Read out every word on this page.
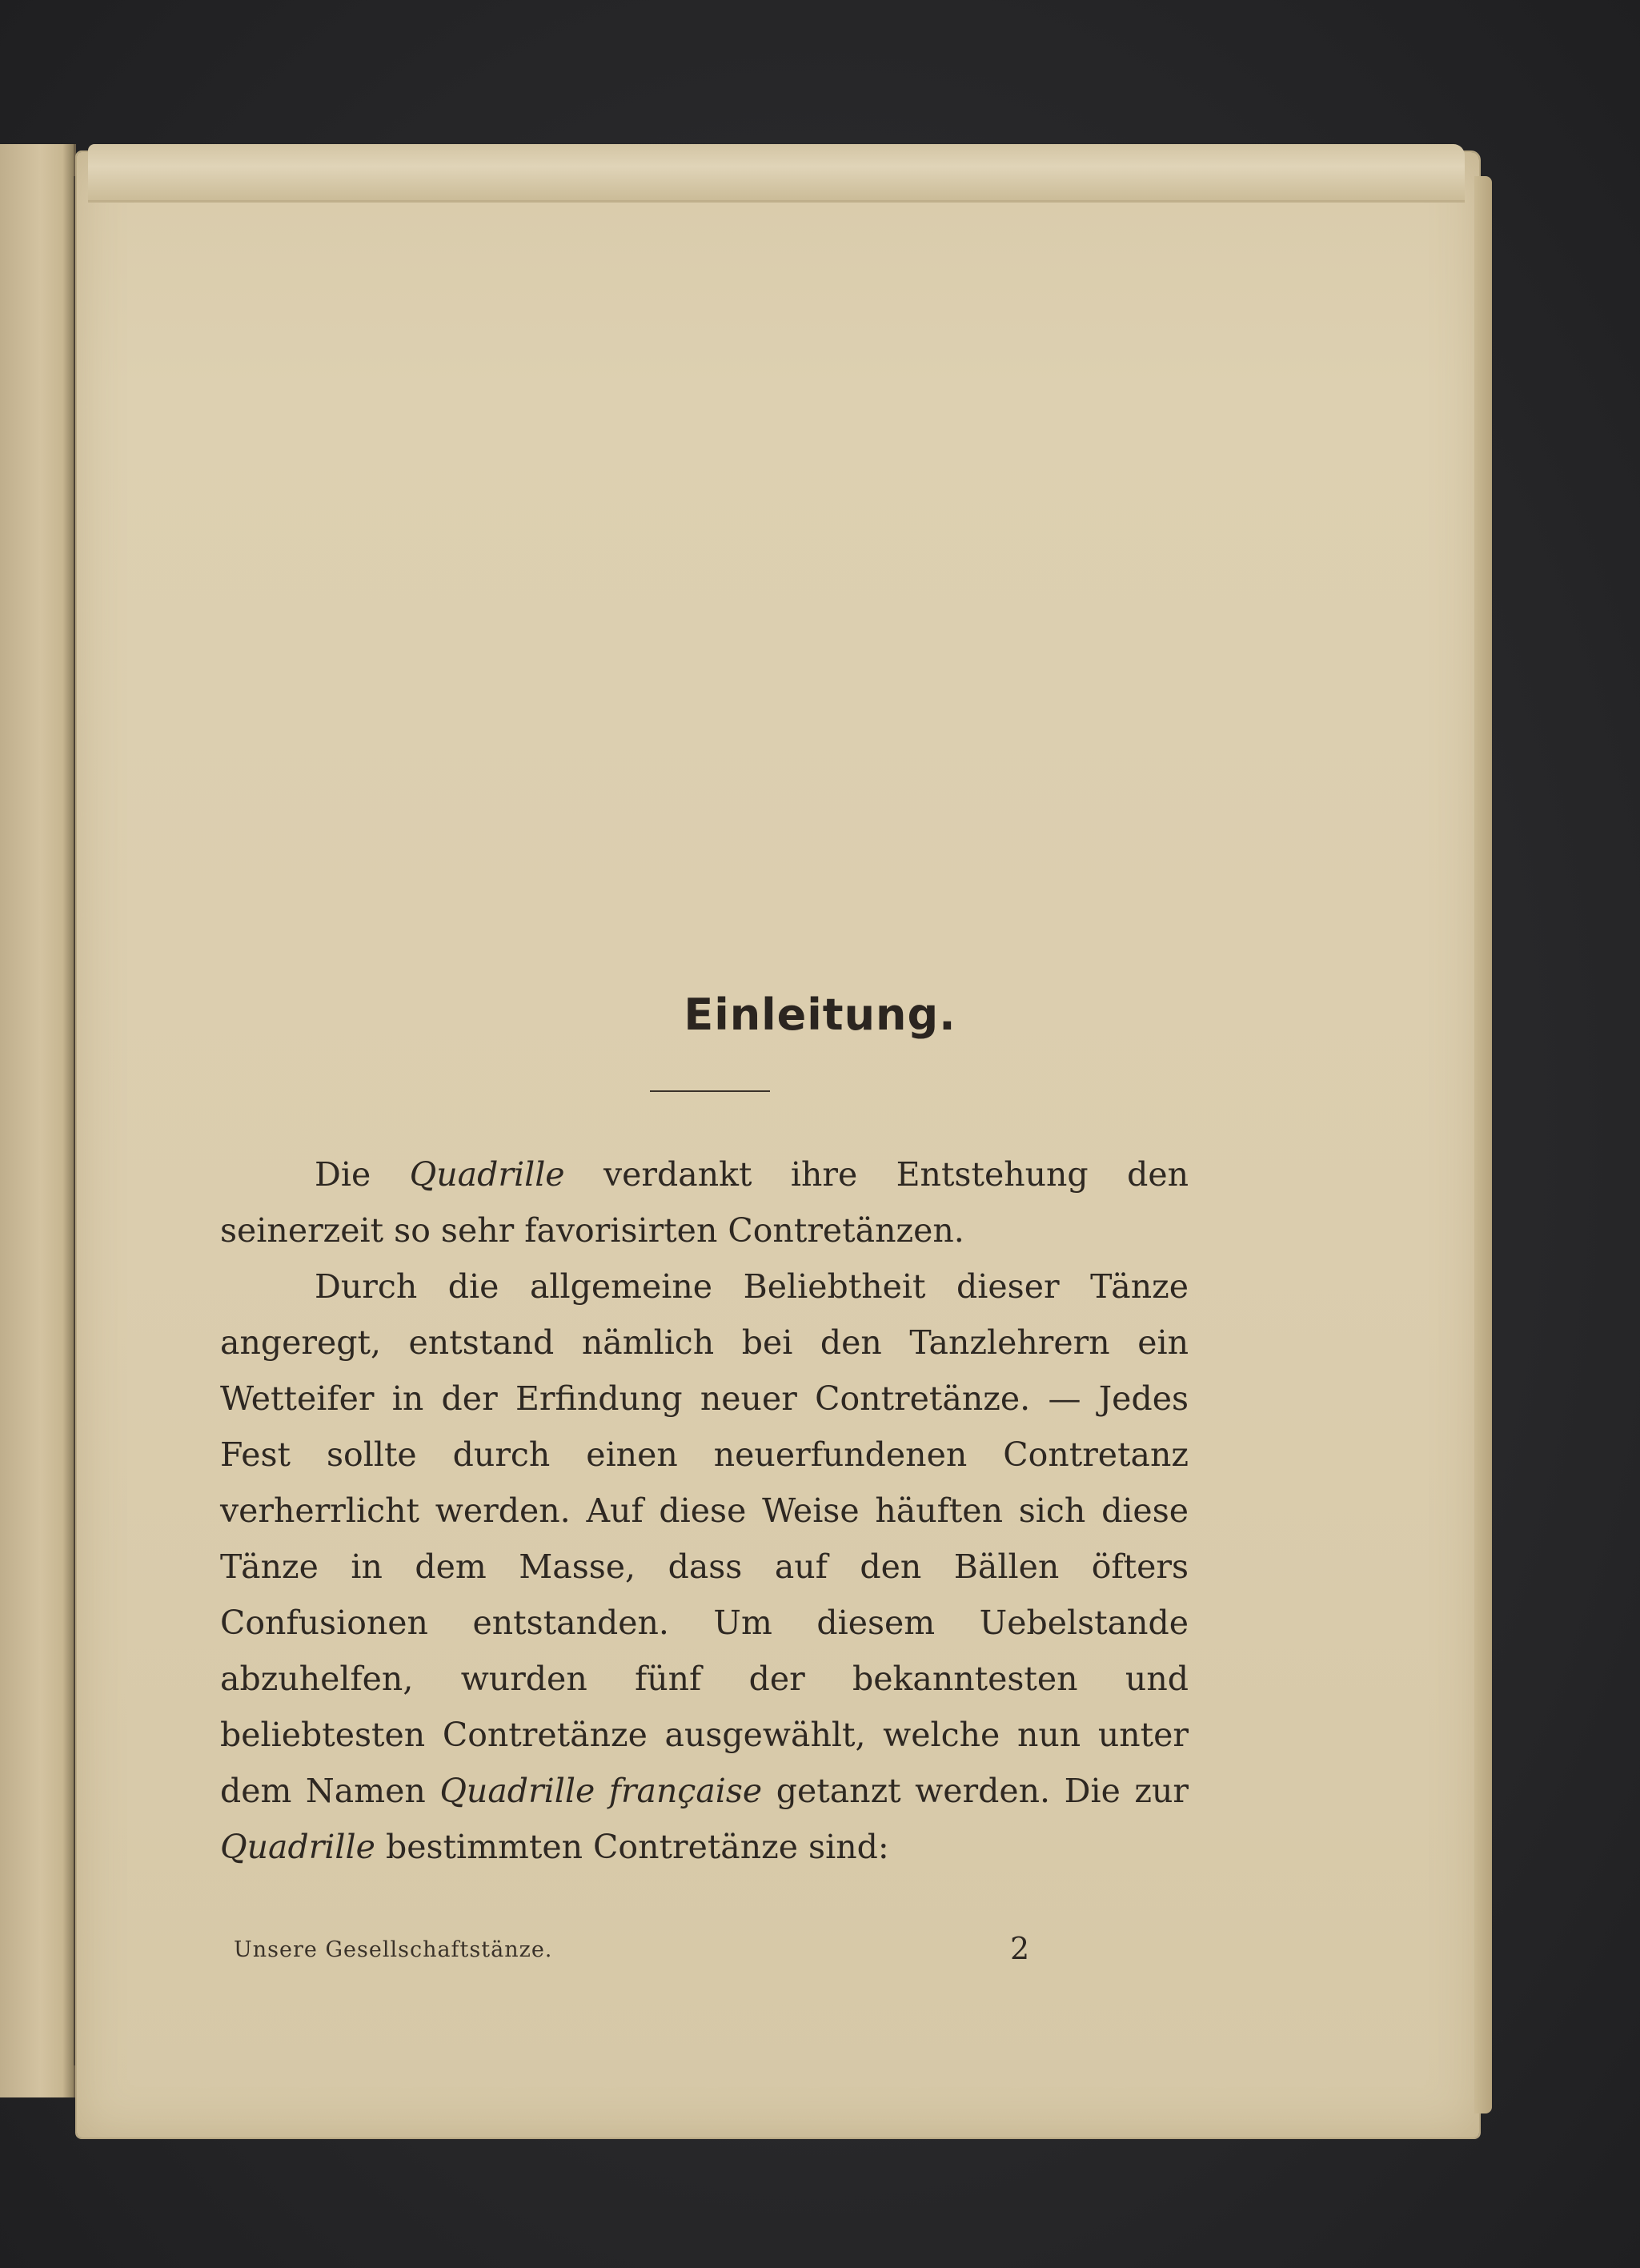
Einleitung.

Die Quadrille verdankt ihre Entstehung den seinerzeit so sehr favorisirten Contretänzen.

Durch die allgemeine Beliebtheit dieser Tänze angeregt, entstand nämlich bei den Tanzlehrern ein Wetteifer in der Erfindung neuer Contretänze. — Jedes Fest sollte durch einen neuerfundenen Contretanz verherrlicht werden. Auf diese Weise häuften sich diese Tänze in dem Masse, dass auf den Bällen öfters Confusionen entstanden. Um diesem Uebelstande abzuhelfen, wurden fünf der bekanntesten und beliebtesten Contretänze ausgewählt, welche nun unter dem Namen Quadrille française getanzt werden. Die zur Quadrille bestimmten Contretänze sind:

Unsere Gesellschaftstänze.	2
